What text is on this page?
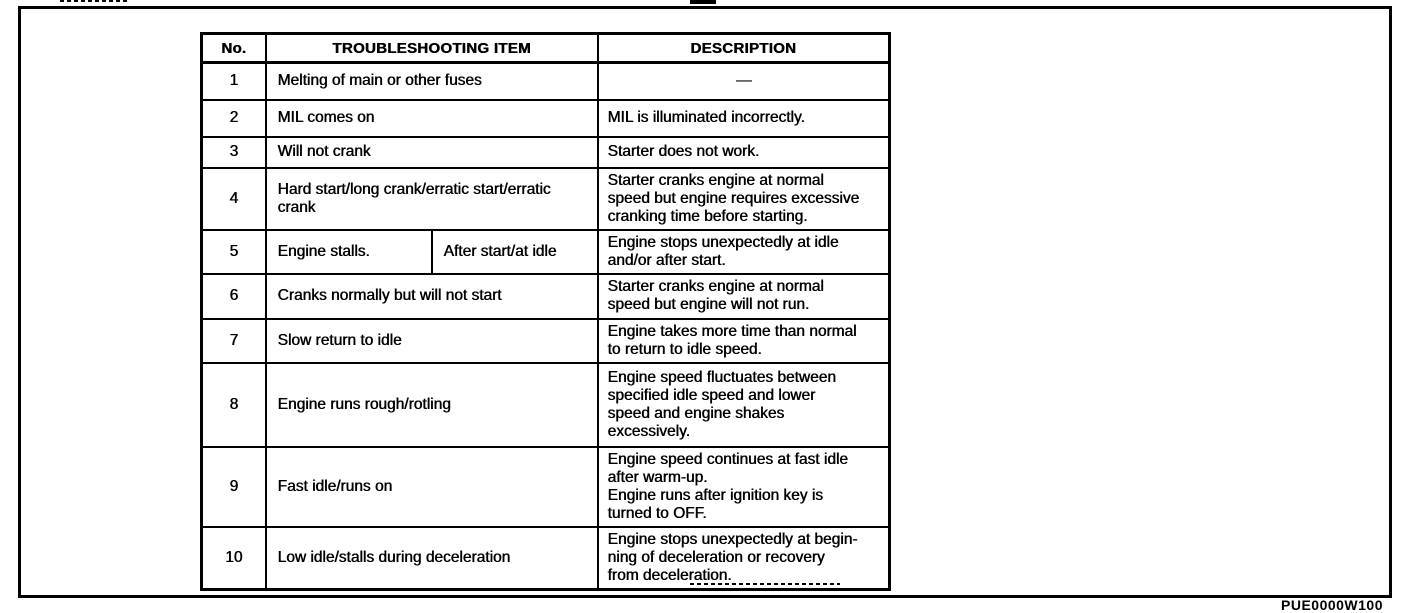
No.	TROUBLESHOOTING ITEM		DESCRIPTION
1	Melting of main or other fuses		—
2	MIL comes on		MIL is illuminated incorrectly.
3	Will not crank		Starter does not work.
4	Hard start/long crank/erratic start/erratic
crank		Starter cranks engine at normal
speed but engine requires excessive
cranking time before starting.
5	Engine stalls.	After start/at idle	Engine stops unexpectedly at idle
and/or after start.
6	Cranks normally but will not start		Starter cranks engine at normal
speed but engine will not run.
7	Slow return to idle		Engine takes more time than normal
to return to idle speed.
8	Engine runs rough/rotling		Engine speed fluctuates between
specified idle speed and lower
speed and engine shakes
excessively.
9	Fast idle/runs on		Engine speed continues at fast idle
after warm-up.
Engine runs after ignition key is
turned to OFF.
10	Low idle/stalls during deceleration		Engine stops unexpectedly at begin-
ning of deceleration or recovery
from deceleration.
PUE0000W100
